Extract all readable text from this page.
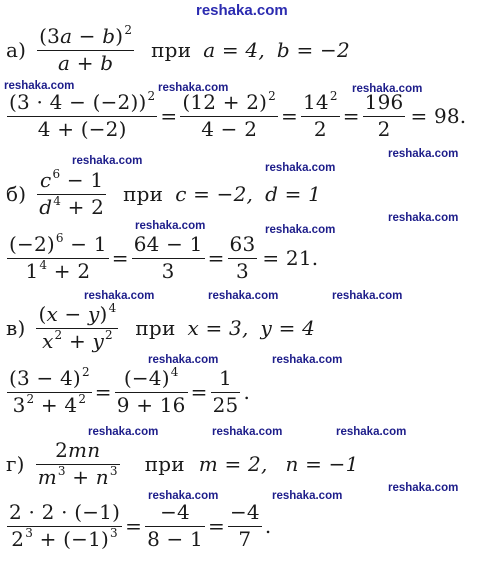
reshaka.com
$а) \frac{(3a - b)^2}{a + b}$ при a = 4, b = −2
$\frac{(3 \cdot 4 - (-2))^2}{4 + (-2)} = \frac{(12 + 2)^2}{4 - 2} = \frac{14^2}{2} = \frac{196}{2} = 98$.
$б) \frac{c^6 - 1}{d^4 + 2}$ при c = −2, d = 1
$\frac{(-2)^6 - 1}{1^4 + 2} = \frac{64 - 1}{3} = \frac{63}{3} = 21$.
$в) \frac{(x - y)^4}{x^2 + y^2}$ при x = 3, y = 4
$\frac{(3 - 4)^2}{3^2 + 4^2} = \frac{(-4)^4}{9 + 16} = \frac{1}{25}$ .
$г) \frac{2mn}{m^3 + n^3}$ при m = 2, n = −1
$\frac{2 \cdot 2 \cdot (-1)}{2^3 + (-1)^3} = \frac{-4}{8 - 1} = \frac{-4}{7}$ .
reshaka.com	reshaka.com	reshaka.com
reshaka.com
reshaka.com
reshaka.com
reshaka.com	reshaka.com
reshaka.com
reshaka.com	reshaka.com	reshaka.com
reshaka.com	reshaka.com
reshaka.com	reshaka.com	reshaka.com
reshaka.com	reshaka.com
reshaka.com
